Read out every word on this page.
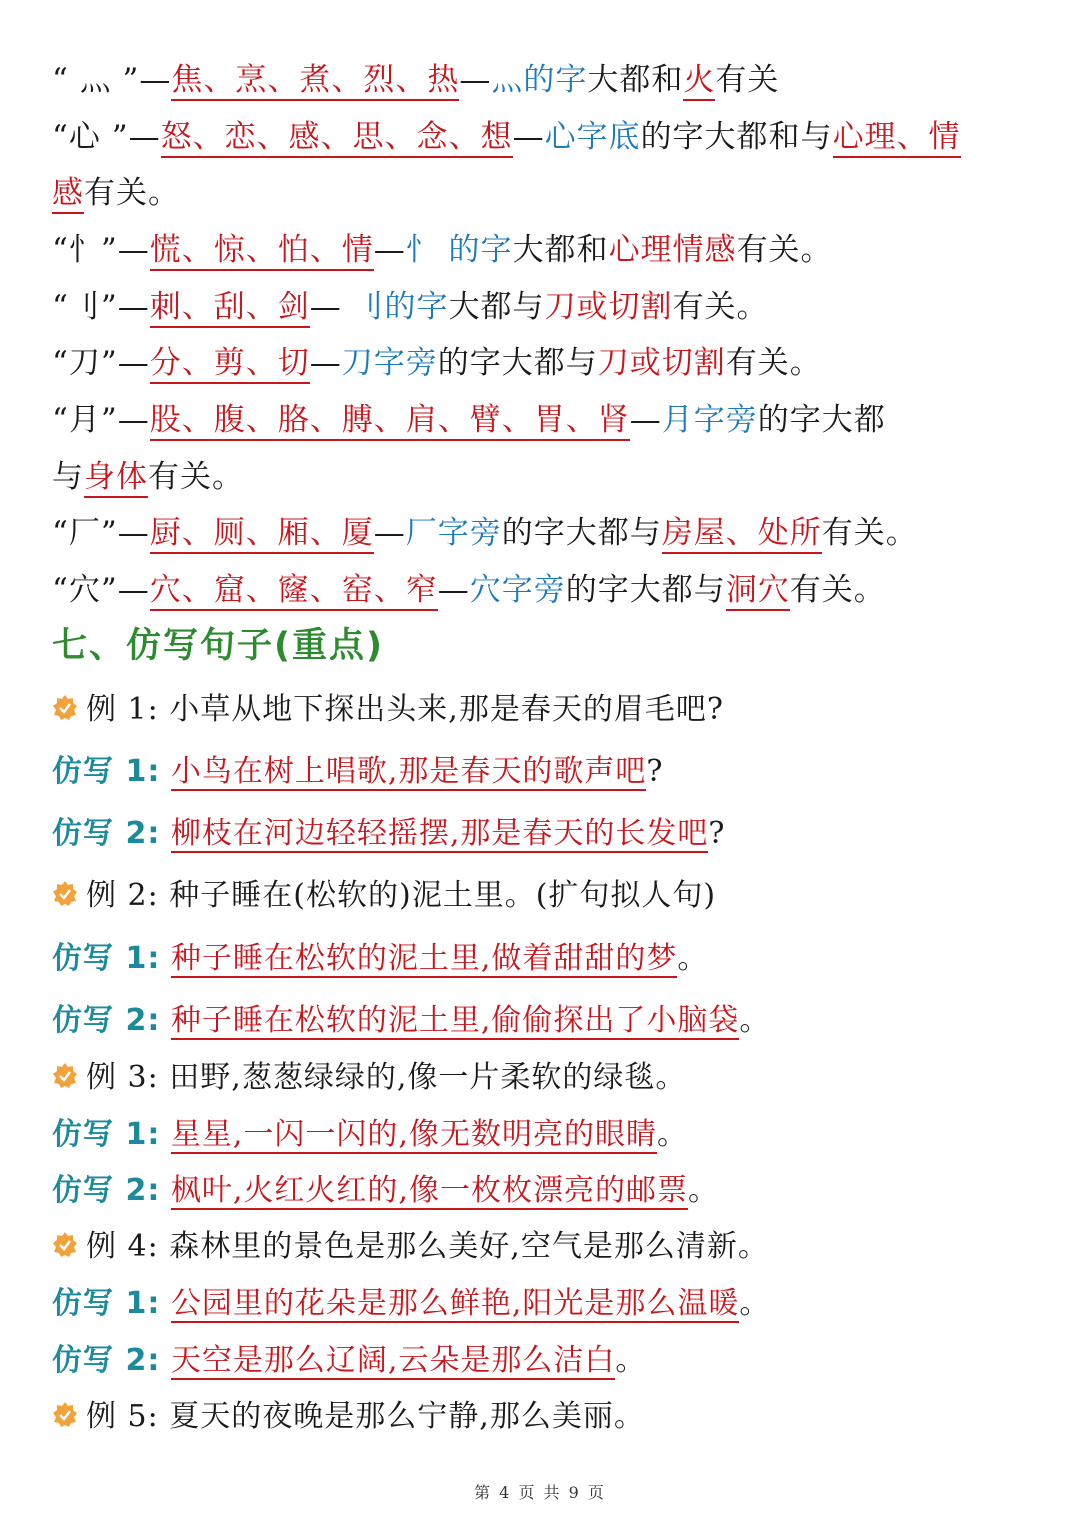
“ 灬 ”—焦、烹、煮、烈、热—灬的字大都和火有关
“心 ”—怒、恋、感、思、念、想—心字底的字大都和与心理、情
感有关。
“忄”—慌、惊、怕、情—忄 的字大都和心理情感有关。
“刂”—刺、刮、剑— 刂的字大都与刀或切割有关。
“刀”—分、剪、切—刀字旁的字大都与刀或切割有关。
“月”—股、腹、胳、膊、肩、臂、胃、肾—月字旁的字大都
与身体有关。
“厂”—厨、厕、厢、厦—厂字旁的字大都与房屋、处所有关。
“穴”—穴、窟、窿、窑、窄—穴字旁的字大都与洞穴有关。
七、仿写句子(重点)
例 1: 小草从地下探出头来,那是春天的眉毛吧?
仿写 1: 小鸟在树上唱歌,那是春天的歌声吧?
仿写 2: 柳枝在河边轻轻摇摆,那是春天的长发吧?
例 2: 种子睡在(松软的)泥土里。(扩句拟人句)
仿写 1: 种子睡在松软的泥土里,做着甜甜的梦。
仿写 2: 种子睡在松软的泥土里,偷偷探出了小脑袋。
例 3: 田野,葱葱绿绿的,像一片柔软的绿毯。
仿写 1: 星星,一闪一闪的,像无数明亮的眼睛。
仿写 2: 枫叶,火红火红的,像一枚枚漂亮的邮票。
例 4: 森林里的景色是那么美好,空气是那么清新。
仿写 1: 公园里的花朵是那么鲜艳,阳光是那么温暖。
仿写 2: 天空是那么辽阔,云朵是那么洁白。
例 5: 夏天的夜晚是那么宁静,那么美丽。
第 4 页 共 9 页
